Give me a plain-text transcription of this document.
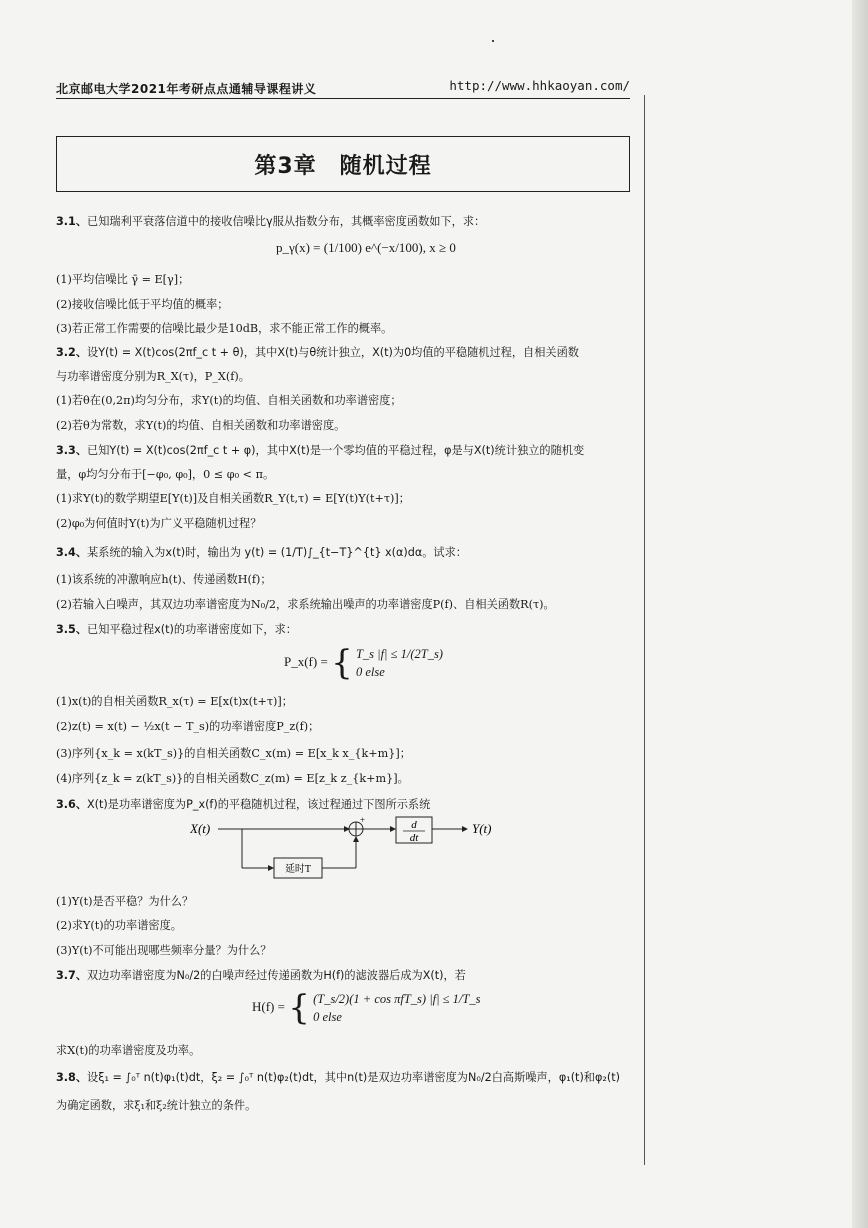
北京邮电大学2021年考研点点通辅导课程讲义	http://www.hhkaoyan.com/
第3章　随机过程
3.1、已知瑞利平衰落信道中的接收信噪比γ服从指数分布，其概率密度函数如下，求：
p_γ(x) = (1/100) e^(−x/100), x ≥ 0
(1)平均信噪比 γ̄ = E[γ]；
(2)接收信噪比低于平均值的概率；
(3)若正常工作需要的信噪比最少是10dB，求不能正常工作的概率。
3.2、设Y(t) = X(t)cos(2πf_c t + θ)，其中X(t)与θ统计独立，X(t)为0均值的平稳随机过程，自相关函数
与功率谱密度分别为R_X(τ)，P_X(f)。
(1)若θ在(0,2π)均匀分布，求Y(t)的均值、自相关函数和功率谱密度；
(2)若θ为常数，求Y(t)的均值、自相关函数和功率谱密度。
3.3、已知Y(t) = X(t)cos(2πf_c t + φ)，其中X(t)是一个零均值的平稳过程，φ是与X(t)统计独立的随机变
量，φ均匀分布于[−φ₀, φ₀]，0 ≤ φ₀ < π。
(1)求Y(t)的数学期望E[Y(t)]及自相关函数R_Y(t,τ) = E[Y(t)Y(t+τ)]；
(2)φ₀为何值时Y(t)为广义平稳随机过程？
3.4、某系统的输入为x(t)时，输出为 y(t) = (1/T)∫_{t−T}^{t} x(α)dα。试求：
(1)该系统的冲激响应h(t)、传递函数H(f)；
(2)若输入白噪声，其双边功率谱密度为N₀/2，求系统输出噪声的功率谱密度P(f)、自相关函数R(τ)。
3.5、已知平稳过程x(t)的功率谱密度如下，求：
P_x(f) = { T_s |f| ≤ 1/(2T_s)
0 else
(1)x(t)的自相关函数R_x(τ) = E[x(t)x(t+τ)]；
(2)z(t) = x(t) − ½x(t − T_s)的功率谱密度P_z(f)；
(3)序列{x_k = x(kT_s)}的自相关函数C_x(m) = E[x_k x_{k+m}]；
(4)序列{z_k = z(kT_s)}的自相关函数C_z(m) = E[z_k z_{k+m}]。
3.6、X(t)是功率谱密度为P_x(f)的平稳随机过程，该过程通过下图所示系统
X(t)
+	d
dt
Y(t)
延时T
(1)Y(t)是否平稳？为什么？
(2)求Y(t)的功率谱密度。
(3)Y(t)不可能出现哪些频率分量？为什么？
3.7、双边功率谱密度为N₀/2的白噪声经过传递函数为H(f)的滤波器后成为X(t)，若
H(f) = { (T_s/2)(1 + cos πfT_s) |f| ≤ 1/T_s
0 else
求X(t)的功率谱密度及功率。
3.8、设ξ₁ = ∫₀ᵀ n(t)φ₁(t)dt，ξ₂ = ∫₀ᵀ n(t)φ₂(t)dt，其中n(t)是双边功率谱密度为N₀/2白高斯噪声，φ₁(t)和φ₂(t)
为确定函数，求ξ₁和ξ₂统计独立的条件。
